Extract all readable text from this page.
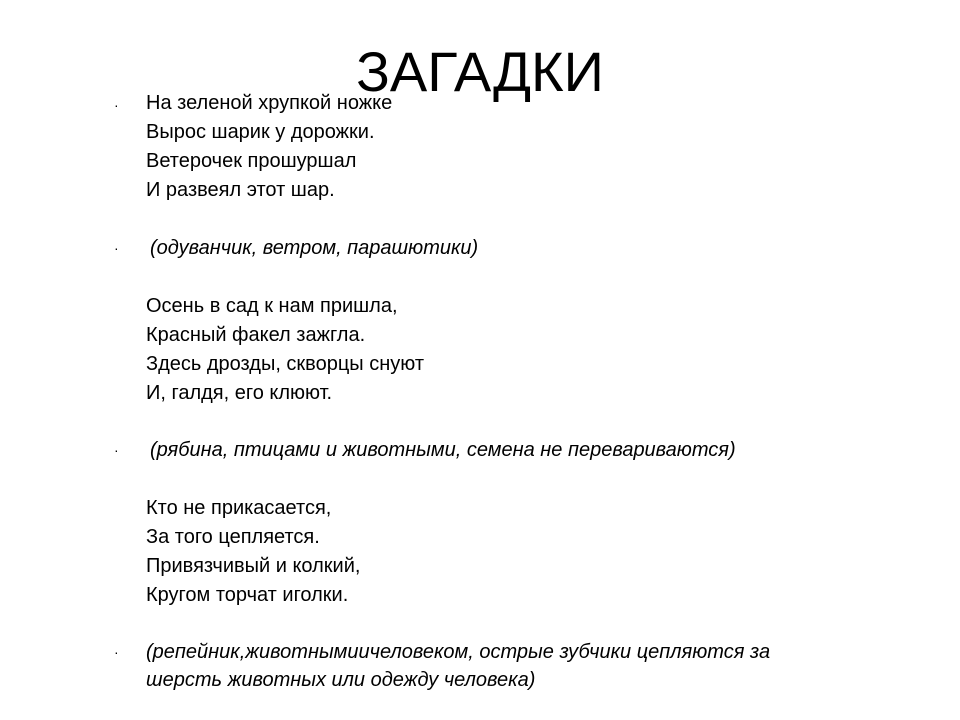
ЗАГАДКИ
· На зеленой хрупкой ножке
Вырос шарик у дорожки.
Ветерочек прошуршал
И развеял этот шар.
· (одуванчик, ветром, парашютики)
Осень в сад к нам пришла,
Красный факел зажгла.
Здесь дрозды, скворцы снуют
И, галдя, его клюют.
· (рябина, птицами и животными, семена не перевариваются)
Кто не прикасается,
За того цепляется.
Привязчивый и колкий,
Кругом торчат иголки.
· (репейник,животнымиичеловеком, острые зубчики цепляются за
шерсть животных или одежду человека)
